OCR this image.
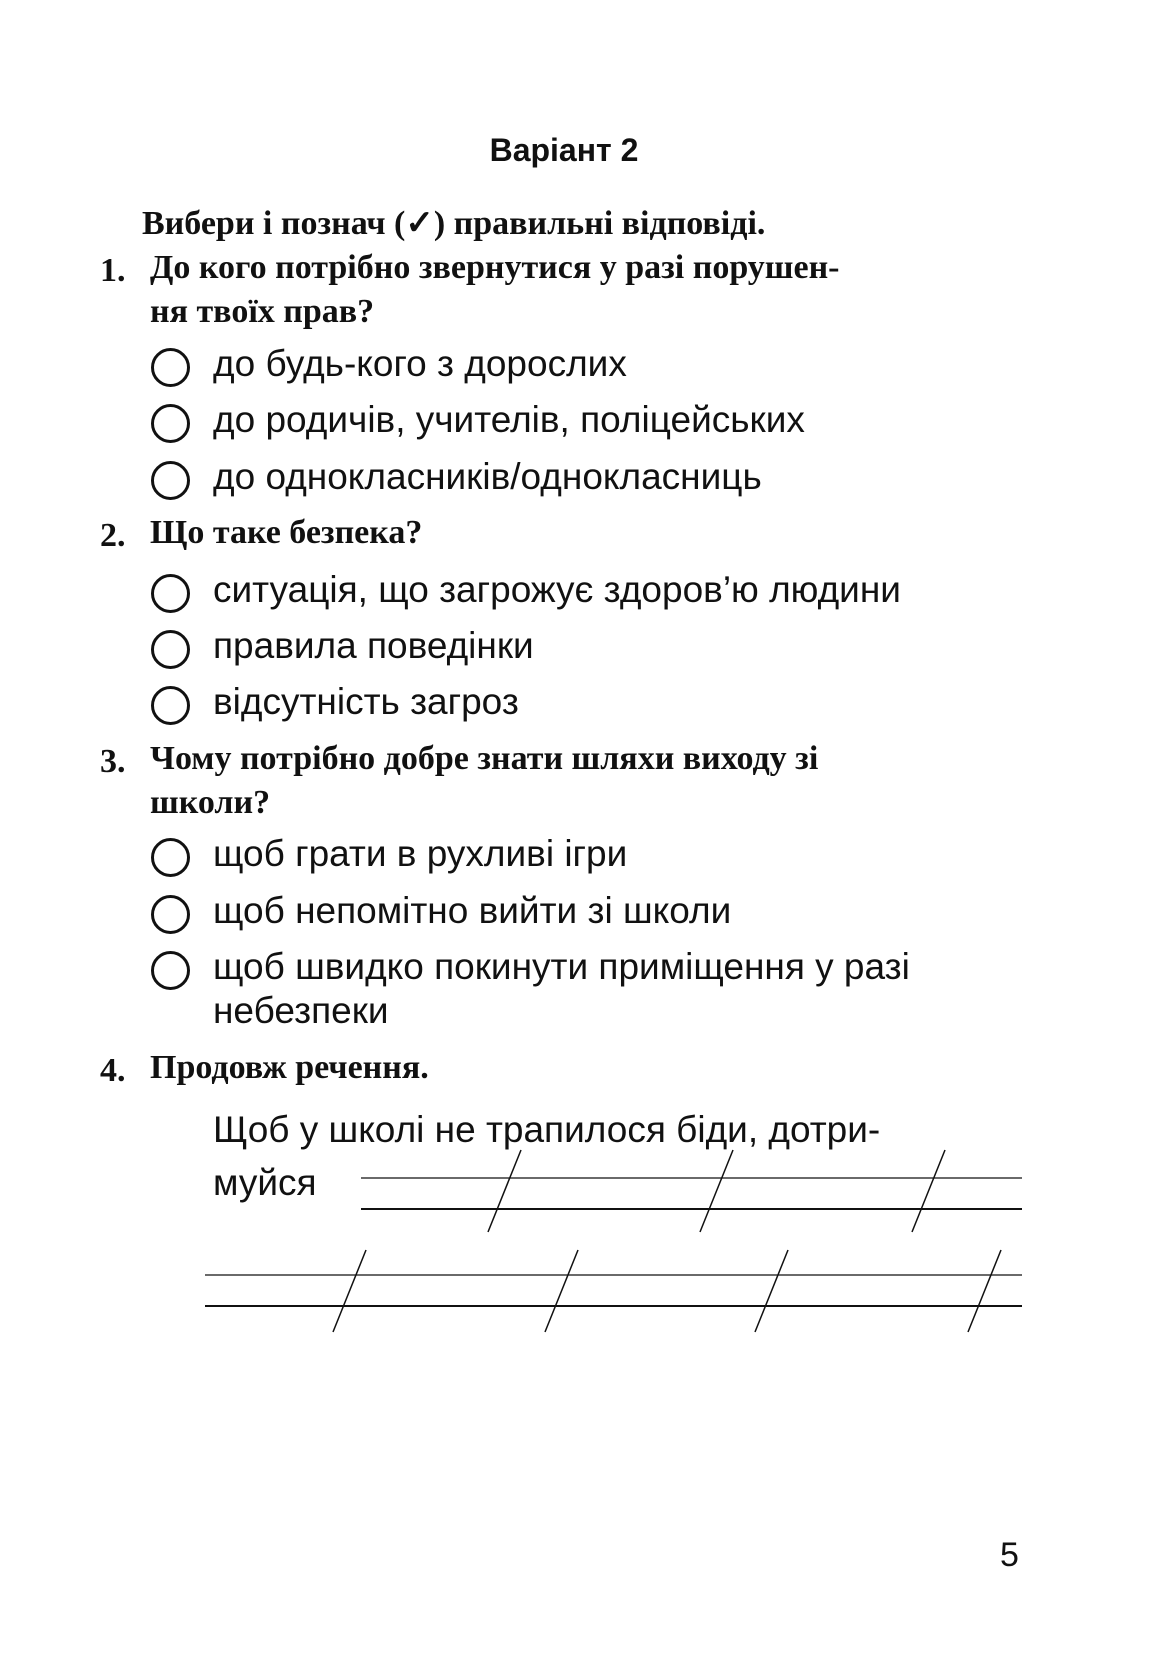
Варіант 2
Вибери і познач (✓) правильні відповіді.
1. До кого потрібно звернутися у разі порушен-
ня твоїх прав?
до будь-кого з дорослих
до родичів, учителів, поліцейських
до однокласників/однокласниць
2. Що таке безпека?
ситуація, що загрожує здоров’ю людини
правила поведінки
відсутність загроз
3. Чому потрібно добре знати шляхи виходу зі
школи?
щоб грати в рухливі ігри
щоб непомітно вийти зі школи
щоб швидко покинути приміщення у разі небезпеки
4. Продовж речення.
Щоб у школі не трапилося біди, дотри-
муйся
5
